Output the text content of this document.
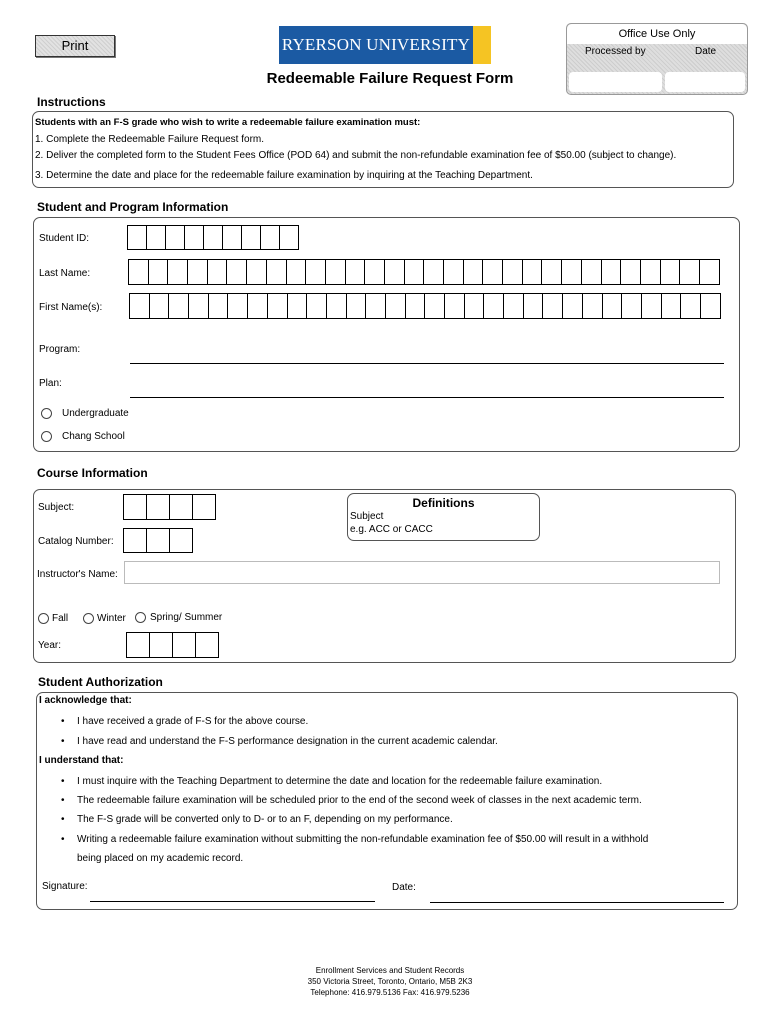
Print	RYERSON UNIVERSITY
Office Use Only
Processed by	Date
Redeemable Failure Request Form
Instructions
Students with an F-S grade who wish to write a redeemable failure examination must:
1. Complete the Redeemable Failure Request form.
2. Deliver the completed form to the Student Fees Office (POD 64) and submit the non-refundable examination fee of $50.00 (subject to change).
3. Determine the date and place for the redeemable failure examination by inquiring at the Teaching Department.
Student and Program Information
Student ID:
Last Name:
First Name(s):
Program:
Plan:
Undergraduate
Chang School
Course Information
Subject:
Catalog Number:
Definitions
Subject
e.g. ACC or CACC
Instructor's Name:
Fall	Winter Spring/ Summer
Year:
Student Authorization
I acknowledge that:
• I have received a grade of F-S for the above course.
• I have read and understand the F-S performance designation in the current academic calendar.
I understand that:
• I must inquire with the Teaching Department to determine the date and location for the redeemable failure examination.
• The redeemable failure examination will be scheduled prior to the end of the second week of classes in the next academic term.
• The F-S grade will be converted only to D- or to an F, depending on my performance.
• Writing a redeemable failure examination without submitting the non-refundable examination fee of $50.00 will result in a withhold
being placed on my academic record.
Signature:	Date:
Enrollment Services and Student Records
350 Victoria Street, Toronto, Ontario, M5B 2K3
Telephone: 416.979.5136 Fax: 416.979.5236
